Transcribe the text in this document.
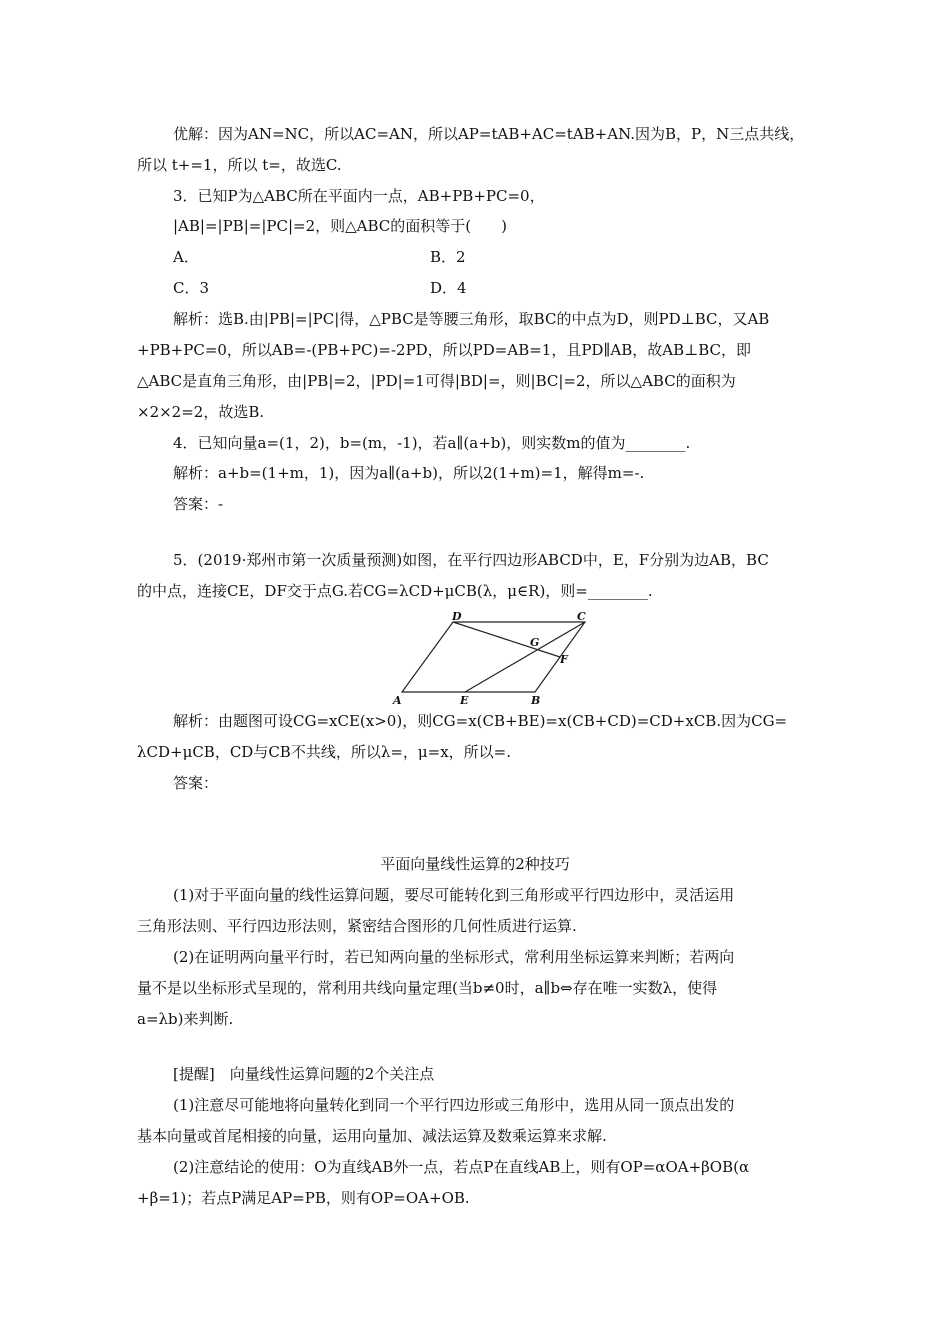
优解：因为AN=NC，所以AC=AN，所以AP=tAB+AC=tAB+AN.因为B，P，N三点共线，
所以 t+=1，所以 t=，故选C.
3．已知P为△ABC所在平面内一点，AB+PB+PC=0，
|AB|=|PB|=|PC|=2，则△ABC的面积等于(　　)
A．	B．2
C．3	D．4
解析：选B.由|PB|=|PC|得，△PBC是等腰三角形，取BC的中点为D，则PD⊥BC，又AB
+PB+PC=0，所以AB=-(PB+PC)=-2PD，所以PD=AB=1，且PD∥AB，故AB⊥BC，即
△ABC是直角三角形，由|PB|=2，|PD|=1可得|BD|=，则|BC|=2，所以△ABC的面积为
×2×2=2，故选B.
4．已知向量a=(1，2)，b=(m，-1)，若a∥(a+b)，则实数m的值为________.
解析：a+b=(1+m，1)，因为a∥(a+b)，所以2(1+m)=1，解得m=-.
答案：-
5．(2019·郑州市第一次质量预测)如图，在平行四边形ABCD中，E，F分别为边AB，BC
的中点，连接CE，DF交于点G.若CG=λCD+μCB(λ，μ∈R)，则=________.
A	B
C
D
E
F
G
解析：由题图可设CG=xCE(x>0)，则CG=x(CB+BE)=x(CB+CD)=CD+xCB.因为CG=
λCD+μCB，CD与CB不共线，所以λ=，μ=x，所以=.
答案：
平面向量线性运算的2种技巧
(1)对于平面向量的线性运算问题，要尽可能转化到三角形或平行四边形中，灵活运用
三角形法则、平行四边形法则，紧密结合图形的几何性质进行运算.
(2)在证明两向量平行时，若已知两向量的坐标形式，常利用坐标运算来判断；若两向
量不是以坐标形式呈现的，常利用共线向量定理(当b≠0时，a∥b⇔存在唯一实数λ，使得
a=λb)来判断.
[提醒]　向量线性运算问题的2个关注点
(1)注意尽可能地将向量转化到同一个平行四边形或三角形中，选用从同一顶点出发的
基本向量或首尾相接的向量，运用向量加、减法运算及数乘运算来求解.
(2)注意结论的使用：O为直线AB外一点，若点P在直线AB上，则有OP=αOA+βOB(α
+β=1)；若点P满足AP=PB，则有OP=OA+OB.
